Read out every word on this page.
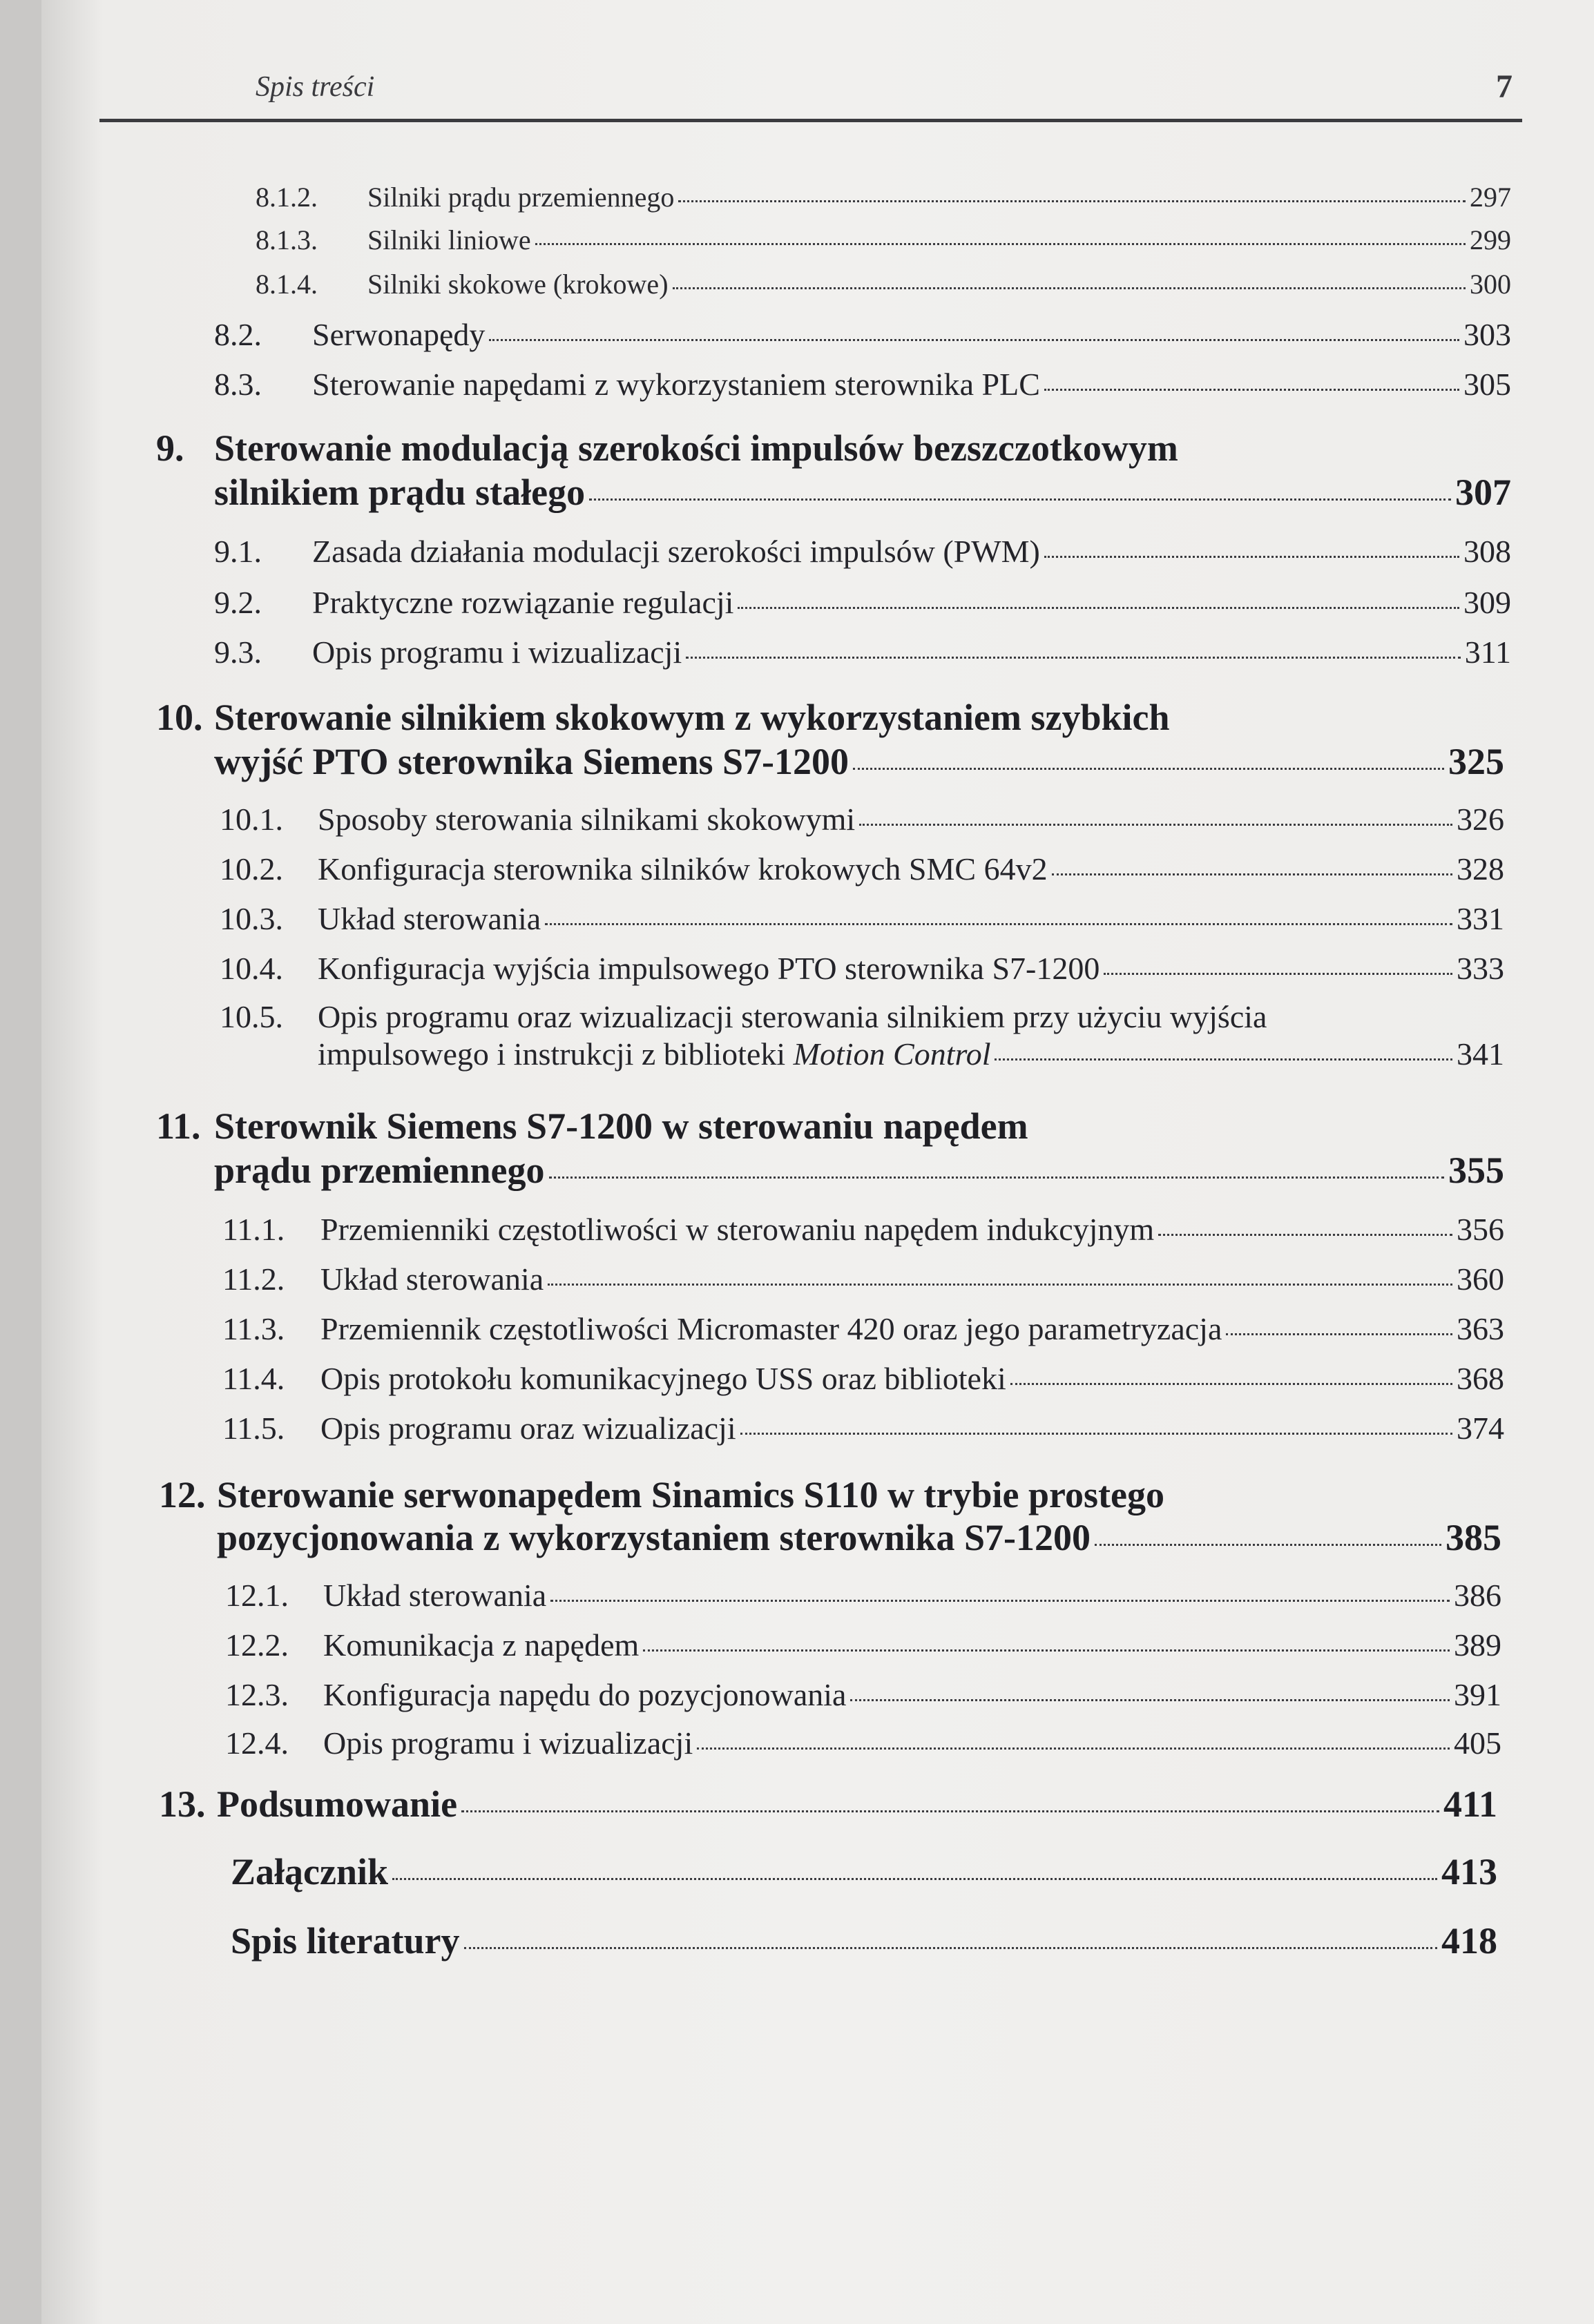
Spis treści	7
8.1.2.	Silniki prądu przemiennego	297
8.1.3.	Silniki liniowe	299
8.1.4.	Silniki skokowe (krokowe)	300
8.2.	Serwonapędy	303
8.3.	Sterowanie napędami z wykorzystaniem sterownika PLC	305
9. Sterowanie modulacją szerokości impulsów bezszczotkowym
silnikiem prądu stałego	307
9.1.	Zasada działania modulacji szerokości impulsów (PWM)	308
9.2.	Praktyczne rozwiązanie regulacji	309
9.3.	Opis programu i wizualizacji	311
10. Sterowanie silnikiem skokowym z wykorzystaniem szybkich
wyjść PTO sterownika Siemens S7-1200	325
10.1.	Sposoby sterowania silnikami skokowymi	326
10.2.	Konfiguracja sterownika silników krokowych SMC 64v2	328
10.3.	Układ sterowania	331
10.4.	Konfiguracja wyjścia impulsowego PTO sterownika S7-1200	333
10.5. Opis programu oraz wizualizacji sterowania silnikiem przy użyciu wyjścia
impulsowego i instrukcji z biblioteki Motion Control	341
11. Sterownik Siemens S7-1200 w sterowaniu napędem
prądu przemiennego	355
11.1.	Przemienniki częstotliwości w sterowaniu napędem indukcyjnym	356
11.2.	Układ sterowania	360
11.3.	Przemiennik częstotliwości Micromaster 420 oraz jego parametryzacja	363
11.4.	Opis protokołu komunikacyjnego USS oraz biblioteki	368
11.5.	Opis programu oraz wizualizacji	374
12. Sterowanie serwonapędem Sinamics S110 w trybie prostego
pozycjonowania z wykorzystaniem sterownika S7-1200	385
12.1.	Układ sterowania	386
12.2.	Komunikacja z napędem	389
12.3.	Konfiguracja napędu do pozycjonowania	391
12.4.	Opis programu i wizualizacji	405
13. Podsumowanie	411
Załącznik	413
Spis literatury	418
